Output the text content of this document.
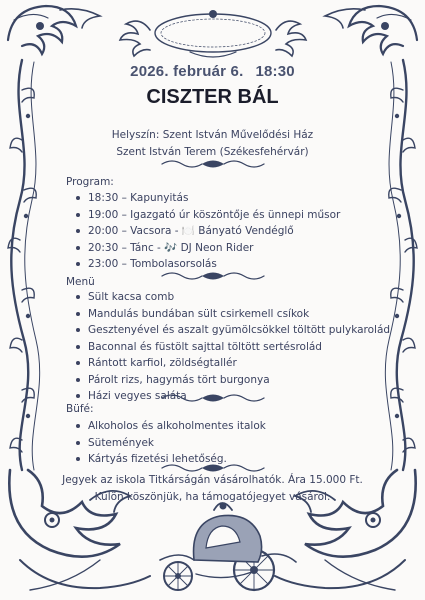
2026. február 6. 18:30
CISZTER BÁL
Helyszín: Szent István Művelődési Ház
Szent István Terem (Székesfehérvár)
Program:
18:30 – Kapunyitás
19:00 – Igazgató úr köszöntője és ünnepi műsor
20:00 – Vacsora - 🍽️ Bányató Vendéglő
20:30 – Tánc - 🎶 DJ Neon Rider
23:00 – Tombolasorsolás
Menü
Sült kacsa comb
Mandulás bundában sült csirkemell csíkok
Gesztenyével és aszalt gyümölcsökkel töltött pulykarolád
Baconnal és füstölt sajttal töltött sertésrolád
Rántott karfiol, zöldségtallér
Párolt rizs, hagymás tört burgonya
Házi vegyes saláta
Büfé:
Alkoholos és alkoholmentes italok
Sütemények
Kártyás fizetési lehetőség.
Jegyek az iskola Titkárságán vásárolhatók. Ára 15.000 Ft.
Külön köszönjük, ha támogatójegyet vásárol.
